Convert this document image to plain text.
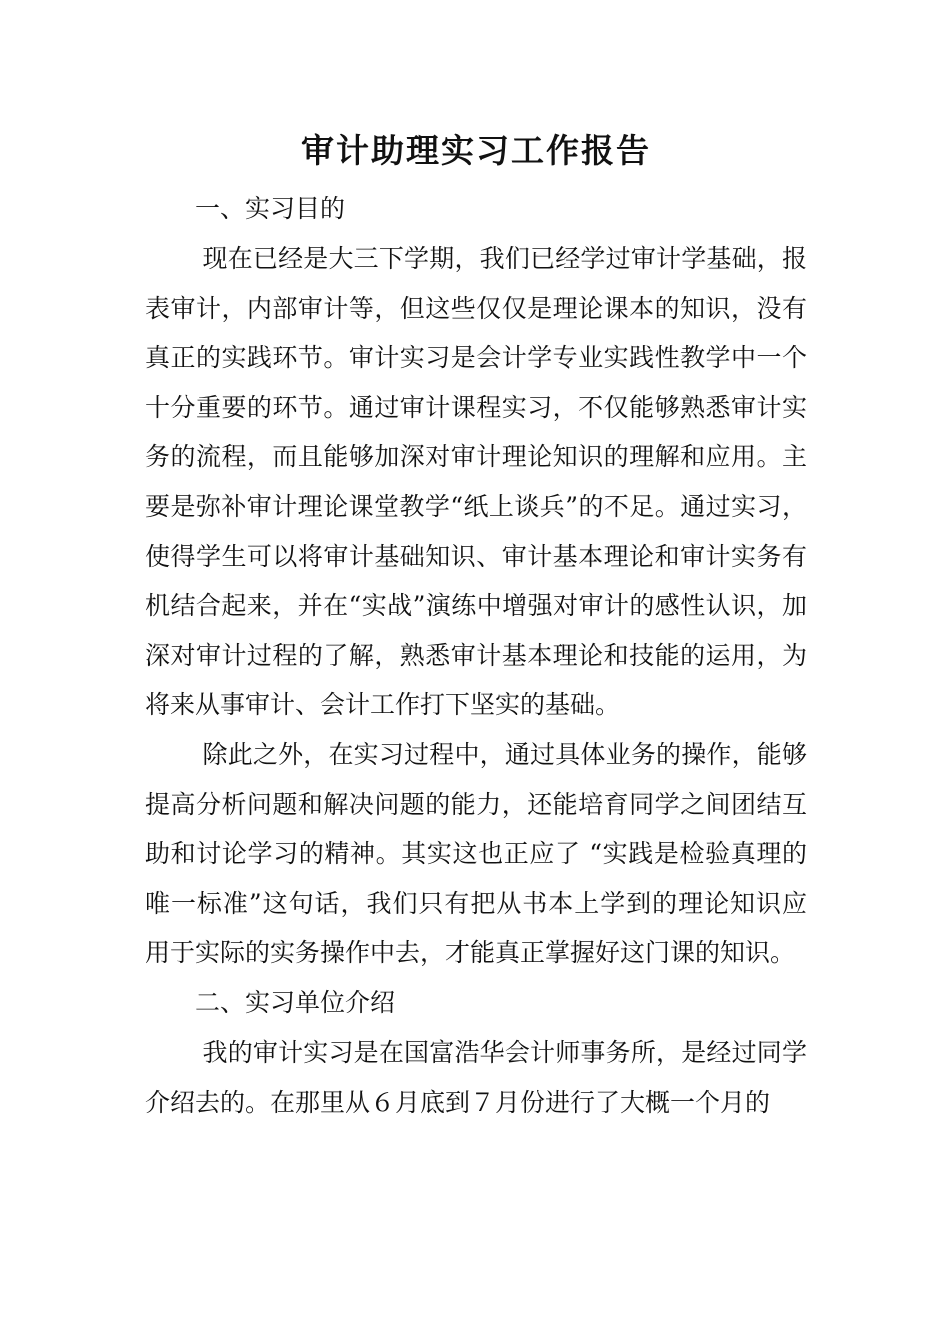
审计助理实习工作报告
一、实习目的

现在已经是大三下学期，我们已经学过审计学基础，报表审计，内部审计等，但这些仅仅是理论课本的知识，没有真正的实践环节。审计实习是会计学专业实践性教学中一个十分重要的环节。通过审计课程实习，不仅能够熟悉审计实务的流程，而且能够加深对审计理论知识的理解和应用。主要是弥补审计理论课堂教学“纸上谈兵”的不足。通过实习，使得学生可以将审计基础知识、审计基本理论和审计实务有机结合起来，并在“实战”演练中增强对审计的感性认识，加深对审计过程的了解，熟悉审计基本理论和技能的运用，为将来从事审计、会计工作打下坚实的基础。

除此之外，在实习过程中，通过具体业务的操作，能够提高分析问题和解决问题的能力，还能培育同学之间团结互助和讨论学习的精神。其实这也正应了 “实践是检验真理的唯一标准”这句话，我们只有把从书本上学到的理论知识应用于实际的实务操作中去，才能真正掌握好这门课的知识。

二、实习单位介绍

我的审计实习是在国富浩华会计师事务所，是经过同学介绍去的。在那里从６月底到７月份进行了大概一个月的
